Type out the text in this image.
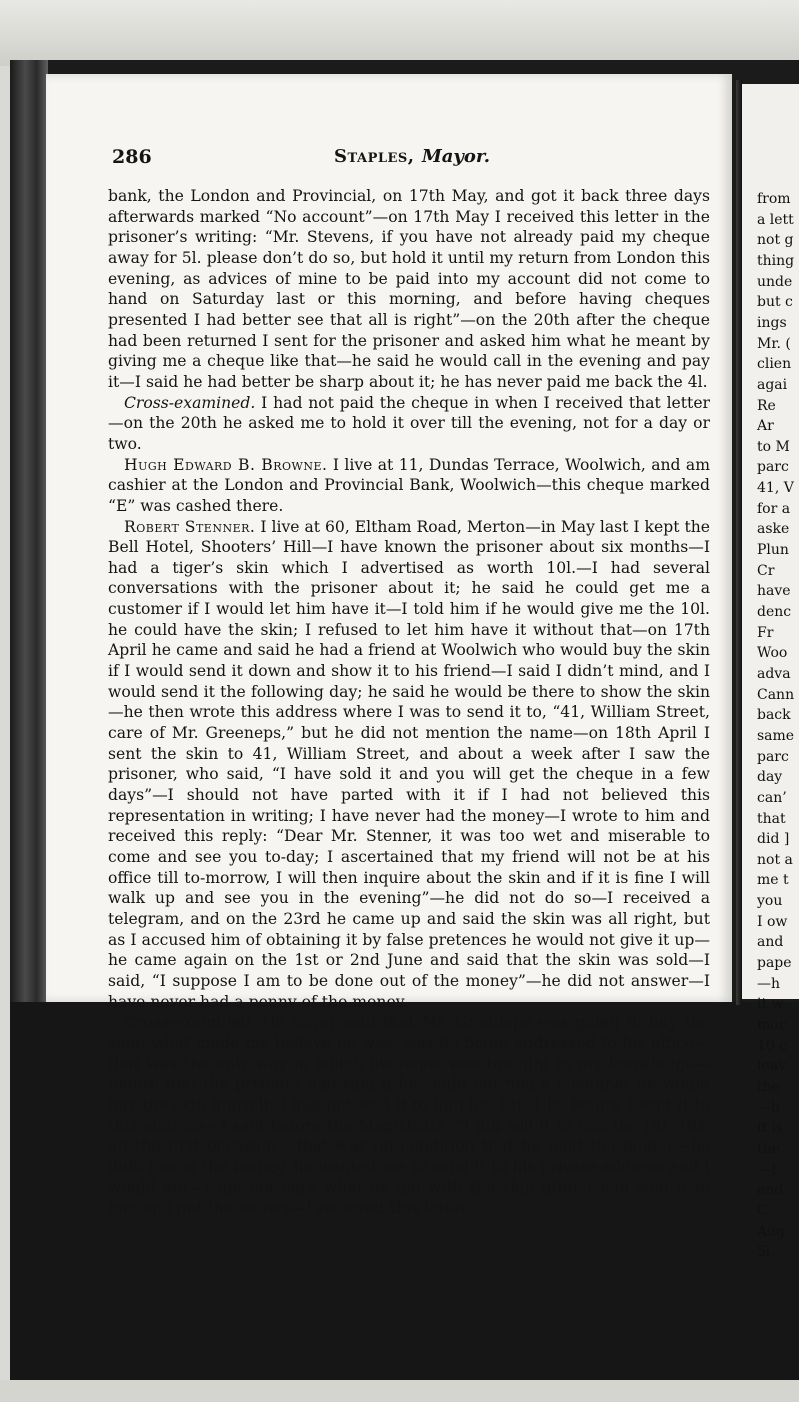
from
a lett
not g
thing
unde
but c
ings
Mr. (
clien
agai
Re
Ar
to M
parc
41, V
for a
aske
Plun
Cr
have
denc
Fr
Woo
adva
Cann
back
same
parc
day
can’
that
did ]
not a
me t
you
I ow
and
pape
—h
it w
mor
10 c
leav
the
—h
it is
the
—I
end
C
Aug
5l.,
286	Staples, Mayor.

bank, the London and Provincial, on 17th May, and got it back three days afterwards marked “No account”—on 17th May I received this letter in the prisoner’s writing: “Mr. Stevens, if you have not already paid my cheque away for 5l. please don’t do so, but hold it until my return from London this evening, as advices of mine to be paid into my account did not come to hand on Saturday last or this morning, and before having cheques presented I had better see that all is right”—on the 20th after the cheque had been returned I sent for the prisoner and asked him what he meant by giving me a cheque like that—he said he would call in the evening and pay it—I said he had better be sharp about it; he has never paid me back the 4l.

Cross-examined. I had not paid the cheque in when I received that letter—on the 20th he asked me to hold it over till the evening, not for a day or two.

Hugh Edward B. Browne. I live at 11, Dundas Terrace, Woolwich, and am cashier at the London and Provincial Bank, Woolwich—this cheque marked “E” was cashed there.

Robert Stenner. I live at 60, Eltham Road, Merton—in May last I kept the Bell Hotel, Shooters’ Hill—I have known the prisoner about six months—I had a tiger’s skin which I advertised as worth 10l.—I had several conversations with the prisoner about it; he said he could get me a customer if I would let him have it—I told him if he would give me the 10l. he could have the skin; I refused to let him have it without that—on 17th April he came and said he had a friend at Woolwich who would buy the skin if I would send it down and show it to his friend—I said I didn’t mind, and I would send it the following day; he said he would be there to show the skin—he then wrote this address where I was to send it to, “41, William Street, care of Mr. Greeneps,” but he did not mention the name—on 18th April I sent the skin to 41, William Street, and about a week after I saw the prisoner, who said, “I have sold it and you will get the cheque in a few days”—I should not have parted with it if I had not believed this representation in writing; I have never had the money—I wrote to him and received this reply: “Dear Mr. Stenner, it was too wet and miserable to come and see you to-day; I ascertained that my friend will not be at his office till to-morrow, I will then inquire about the skin and if it is fine I will walk up and see you in the evening”—he did not do so—I received a telegram, and on the 23rd he came up and said the skin was all right, but as I accused him of obtaining it by false pretences he would not give it up—he came again on the 1st or 2nd June and said that the skin was sold—I said, “I suppose I am to be done out of the money”—he did not answer—I have never had a penny of the money.

Cross-examined. He never said that Mr. Greeneps was going to buy the skin; what made me believe he was, was its being addressed to his office—that was the only way in which his name was brought to my knowledge—before that the prisoner had said if he could not find a customer he would buy the skin himself; I had not sold it to him for 10l. 10s. before I sent it to this address—I said before the Magistrate, “I did sell it to him for 10l. 10s. on the first occasion,” that was on condition that he paid the money—he didn’t send the money, he wanted me to send it to his private address and I would not—I did not care what he did with the skin after I had sold it to him and got the money—I received this letter
